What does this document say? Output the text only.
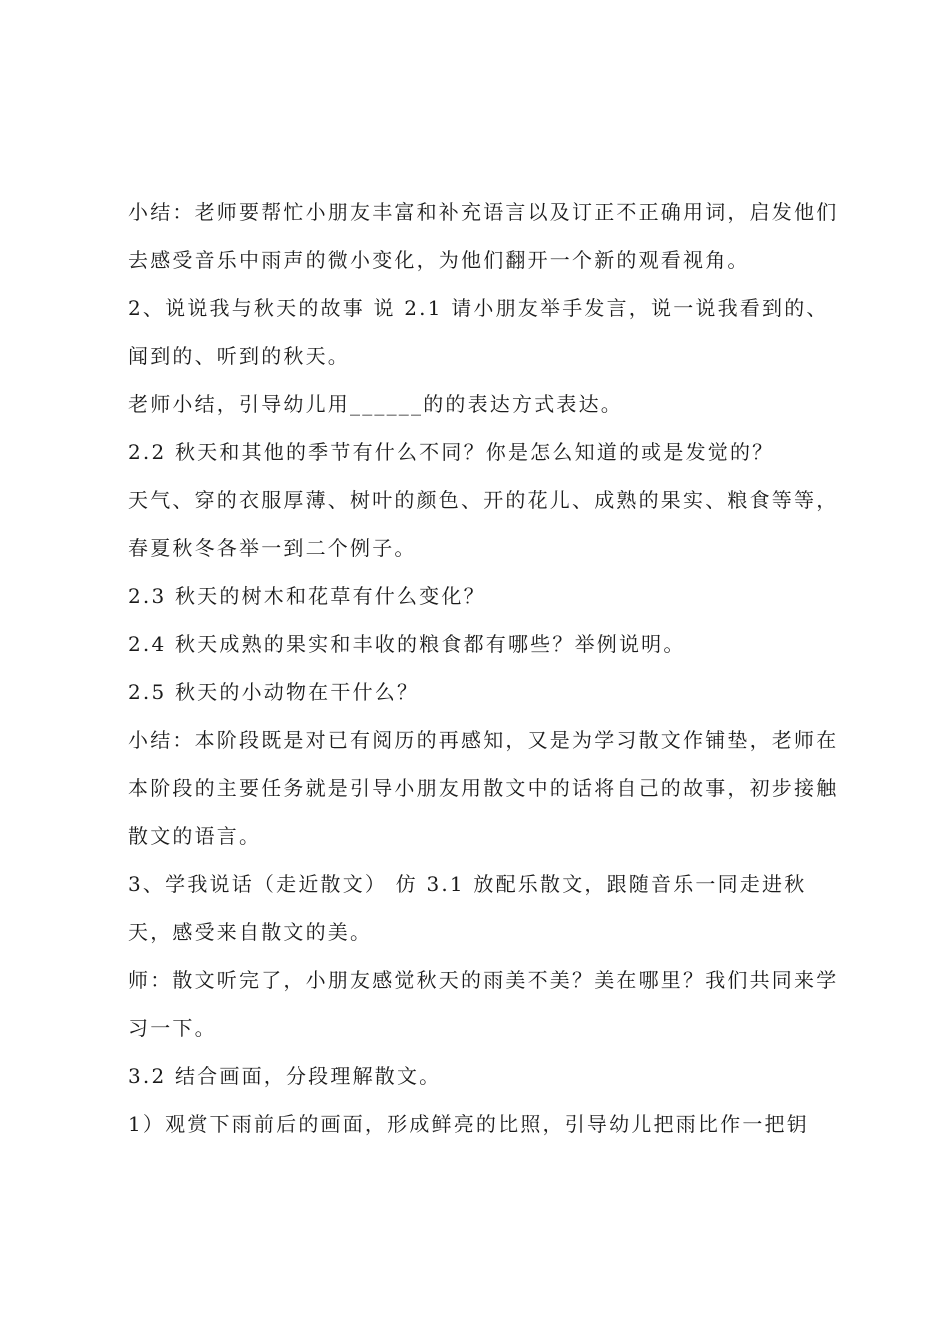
小结：老师要帮忙小朋友丰富和补充语言以及订正不正确用词，启发他们去感受音乐中雨声的微小变化，为他们翻开一个新的观看视角。

2、说说我与秋天的故事 说 2.1 请小朋友举手发言，说一说我看到的、闻到的、听到的秋天。

老师小结，引导幼儿用______的的表达方式表达。

2.2 秋天和其他的季节有什么不同？你是怎么知道的或是发觉的？

天气、穿的衣服厚薄、树叶的颜色、开的花儿、成熟的果实、粮食等等，春夏秋冬各举一到二个例子。

2.3 秋天的树木和花草有什么变化？

2.4 秋天成熟的果实和丰收的粮食都有哪些？举例说明。

2.5 秋天的小动物在干什么？

小结：本阶段既是对已有阅历的再感知，又是为学习散文作铺垫，老师在本阶段的主要任务就是引导小朋友用散文中的话将自己的故事，初步接触散文的语言。

3、学我说话（走近散文） 仿 3.1 放配乐散文，跟随音乐一同走进秋天，感受来自散文的美。

师：散文听完了，小朋友感觉秋天的雨美不美？美在哪里？我们共同来学习一下。

3.2 结合画面，分段理解散文。

1）观赏下雨前后的画面，形成鲜亮的比照，引导幼儿把雨比作一把钥
